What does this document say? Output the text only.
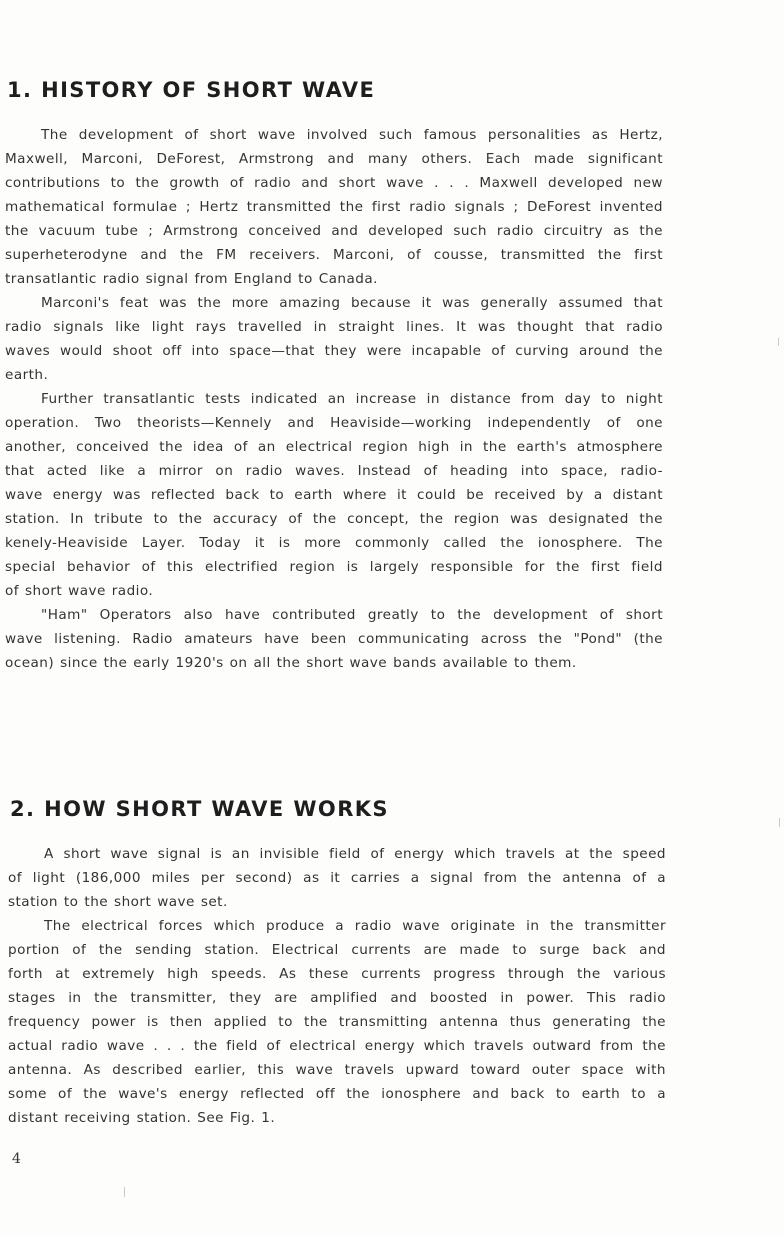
1. HISTORY OF SHORT WAVE
The development of short wave involved such famous personalities as Hertz,
Maxwell, Marconi, DeForest, Armstrong and many others. Each made significant
contributions to the growth of radio and short wave . . . Maxwell developed new
mathematical formulae ; Hertz transmitted the first radio signals ; DeForest invented
the vacuum tube ; Armstrong conceived and developed such radio circuitry as the
superheterodyne and the FM receivers. Marconi, of cousse, transmitted the first
transatlantic radio signal from England to Canada.
Marconi's feat was the more amazing because it was generally assumed that
radio signals like light rays travelled in straight lines. It was thought that radio
waves would shoot off into space—that they were incapable of curving around the
earth.
Further transatlantic tests indicated an increase in distance from day to night
operation. Two theorists—Kennely and Heaviside—working independently of one
another, conceived the idea of an electrical region high in the earth's atmosphere
that acted like a mirror on radio waves. Instead of heading into space, radio-
wave energy was reflected back to earth where it could be received by a distant
station. In tribute to the accuracy of the concept, the region was designated the
kenely-Heaviside Layer. Today it is more commonly called the ionosphere. The
special behavior of this electrified region is largely responsible for the first field
of short wave radio.
"Ham" Operators also have contributed greatly to the development of short
wave listening. Radio amateurs have been communicating across the "Pond" (the
ocean) since the early 1920's on all the short wave bands available to them.
2. HOW SHORT WAVE WORKS
A short wave signal is an invisible field of energy which travels at the speed
of light (186,000 miles per second) as it carries a signal from the antenna of a
station to the short wave set.
The electrical forces which produce a radio wave originate in the transmitter
portion of the sending station. Electrical currents are made to surge back and
forth at extremely high speeds. As these currents progress through the various
stages in the transmitter, they are amplified and boosted in power. This radio
frequency power is then applied to the transmitting antenna thus generating the
actual radio wave . . . the field of electrical energy which travels outward from the
antenna. As described earlier, this wave travels upward toward outer space with
some of the wave's energy reflected off the ionosphere and back to earth to a
distant receiving station. See Fig. 1.
4
